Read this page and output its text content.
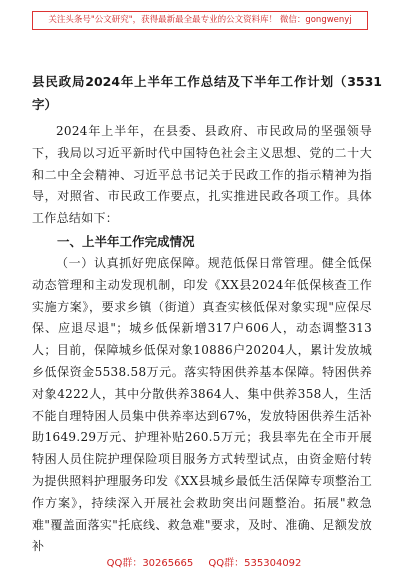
关注头条号"公文研究"，获得最新最全最专业的公文资料库！ 微信：gongwenyj
县民政局2024年上半年工作总结及下半年工作计划（3531字）

2024年上半年，在县委、县政府、市民政局的坚强领导下，我局以习近平新时代中国特色社会主义思想、党的二十大和二中全会精神、习近平总书记关于民政工作的指示精神为指导，对照省、市民政工作要点，扎实推进民政各项工作。具体工作总结如下：

一、上半年工作完成情况

（一）认真抓好兜底保障。规范低保日常管理。健全低保动态管理和主动发现机制，印发《XX县2024年低保核查工作实施方案》，要求乡镇（街道）真查实核低保对象实现"应保尽保、应退尽退"；城乡低保新增317户606人，动态调整313人；目前，保障城乡低保对象10886户20204人，累计发放城乡低保资金5538.58万元。落实特困供养基本保障。特困供养对象4222人，其中分散供养3864人、集中供养358人，生活不能自理特困人员集中供养率达到67%，发放特困供养生活补助1649.29万元、护理补贴260.5万元；我县率先在全市开展特困人员住院护理保险项目服务方式转型试点，由资金赔付转为提供照料护理服务印发《XX县城乡最低生活保障专项整治工作方案》，持续深入开展社会救助突出问题整治。拓展"救急难"覆盖面落实"托底线、救急难"要求，及时、准确、足额发放补

QQ群：30265665 QQ群：535304092
